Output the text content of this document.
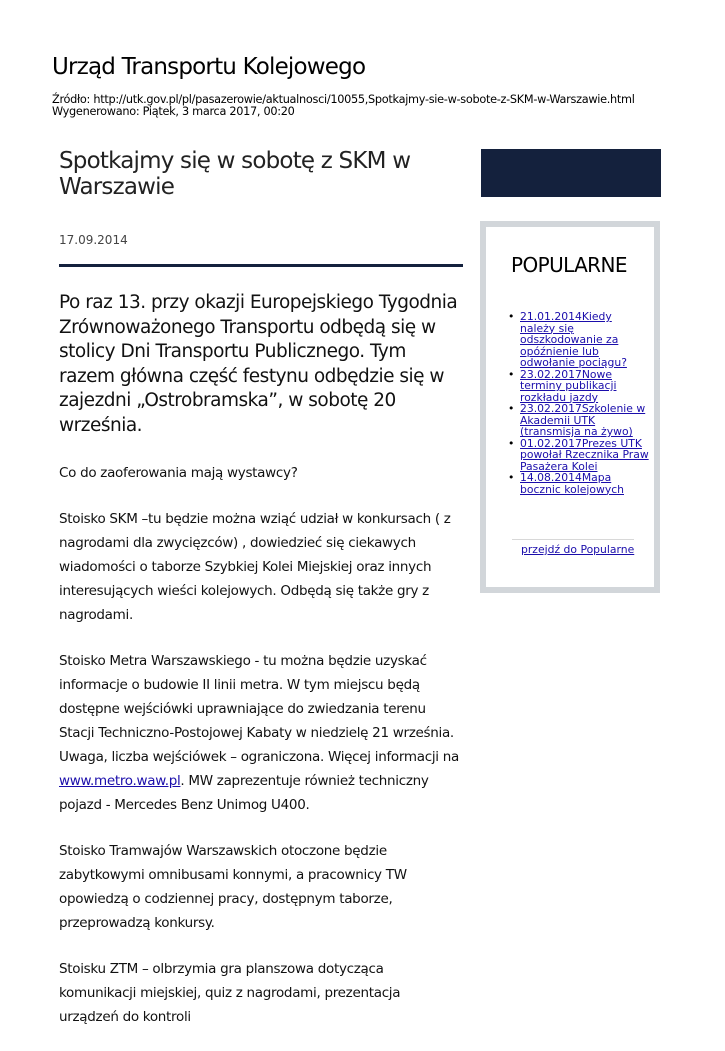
Urząd Transportu Kolejowego
Źródło: http://utk.gov.pl/pl/pasazerowie/aktualnosci/10055,Spotkajmy-sie-w-sobote-z-SKM-w-Warszawie.html
Wygenerowano: Piątek, 3 marca 2017, 00:20
Spotkajmy się w sobotę z SKM w Warszawie
17.09.2014

Po raz 13. przy okazji Europejskiego Tygodnia Zrównoważonego Transportu odbędą się w stolicy Dni Transportu Publicznego. Tym razem główna część festynu odbędzie się w zajezdni „Ostrobramska”, w sobotę 20 września.

Co do zaoferowania mają wystawcy?

Stoisko SKM –tu będzie można wziąć udział w konkursach ( z nagrodami dla zwycięzców) , dowiedzieć się ciekawych wiadomości o taborze Szybkiej Kolei Miejskiej oraz innych interesujących wieści kolejowych. Odbędą się także gry z nagrodami.

Stoisko Metra Warszawskiego - tu można będzie uzyskać informacje o budowie II linii metra. W tym miejscu będą dostępne wejściówki uprawniające do zwiedzania terenu Stacji Techniczno-Postojowej Kabaty w niedzielę 21 września. Uwaga, liczba wejściówek – ograniczona. Więcej informacji na www.metro.waw.pl. MW zaprezentuje również techniczny pojazd - Mercedes Benz Unimog U400.

Stoisko Tramwajów Warszawskich otoczone będzie zabytkowymi omnibusami konnymi, a pracownicy TW opowiedzą o codziennej pracy, dostępnym taborze, przeprowadzą konkursy.

Stoisku ZTM – olbrzymia gra planszowa dotycząca komunikacji miejskiej, quiz z nagrodami, prezentacja urządzeń do kontroli

POPULARNE
• 21.01.2014Kiedy należy się odszkodowanie za opóźnienie lub odwołanie pociągu?
• 23.02.2017Nowe terminy publikacji rozkładu jazdy
• 23.02.2017Szkolenie w Akademii UTK (transmisja na żywo)
• 01.02.2017Prezes UTK powołał Rzecznika Praw Pasażera Kolei
• 14.08.2014Mapa bocznic kolejowych
przejdź do Popularne
